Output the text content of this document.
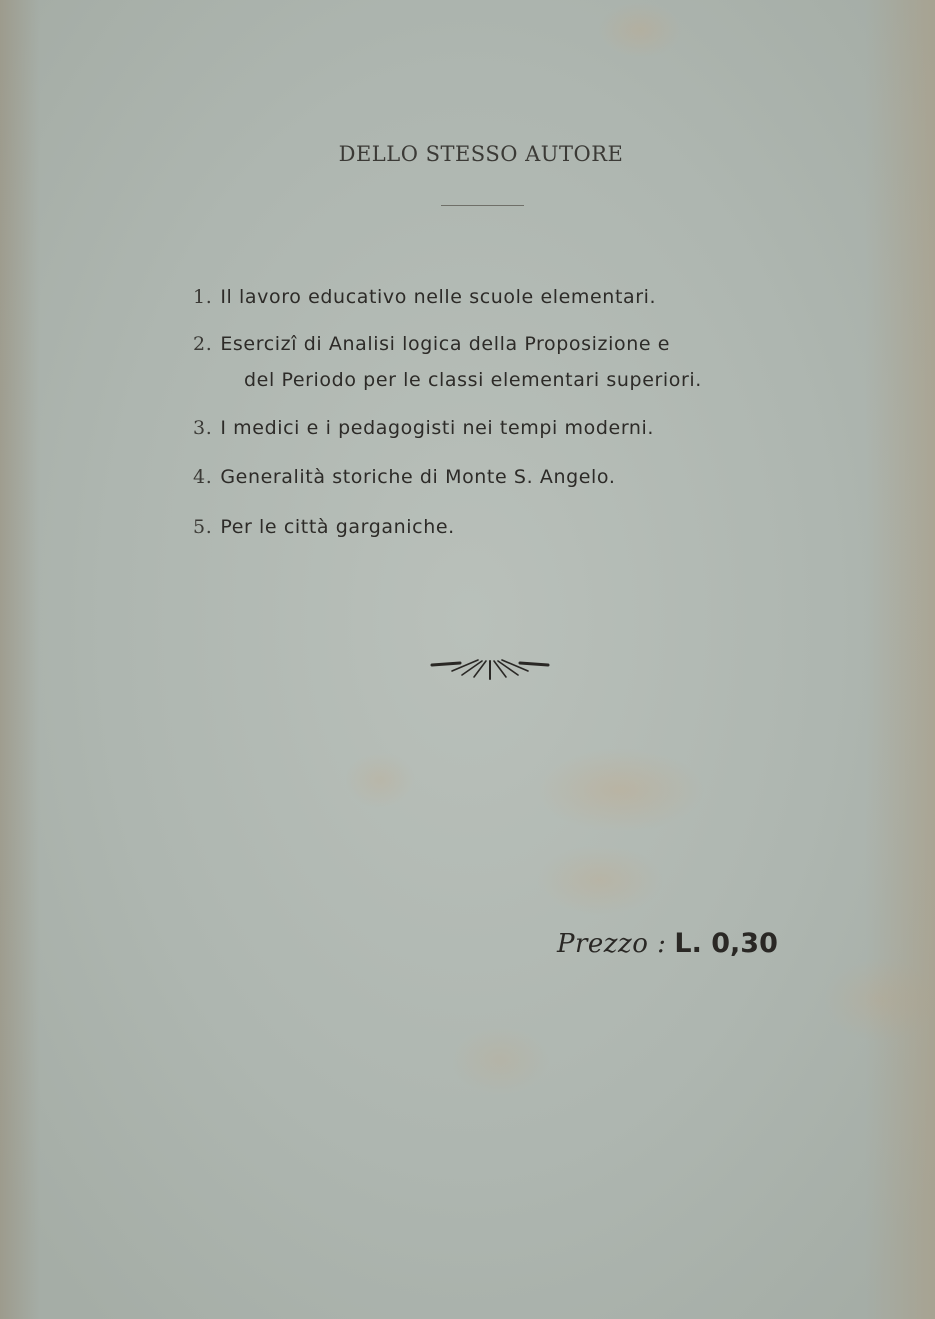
DELLO STESSO AUTORE
1. Il lavoro educativo nelle scuole elementari.
2. Esercizî di Analisi logica della Proposizione e
del Periodo per le classi elementari superiori.
3. I medici e i pedagogisti nei tempi moderni.
4. Generalità storiche di Monte S. Angelo.
5. Per le città garganiche.
Prezzo : L. 0,30
